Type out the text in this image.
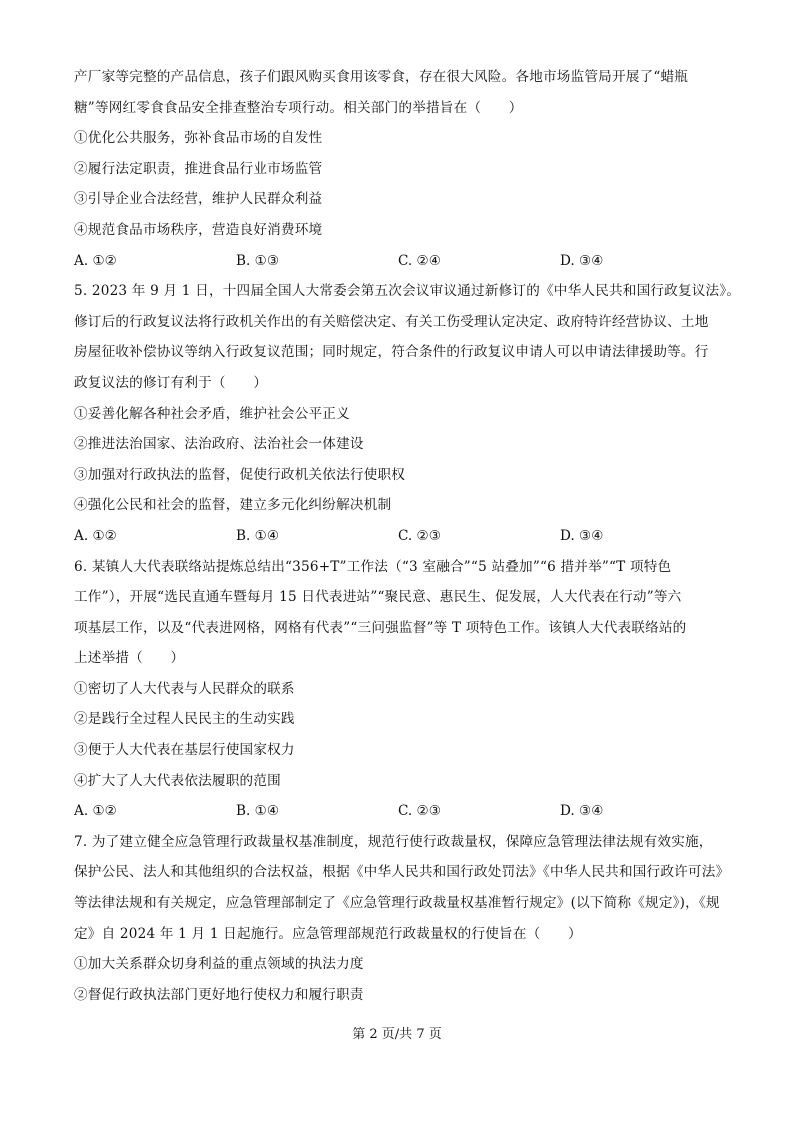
产厂家等完整的产品信息，孩子们跟风购买食用该零食，存在很大风险。各地市场监管局开展了“蜡瓶
糖”等网红零食食品安全排查整治专项行动。相关部门的举措旨在（　　）
①优化公共服务，弥补食品市场的自发性
②履行法定职责，推进食品行业市场监管
③引导企业合法经营，维护人民群众利益
④规范食品市场秩序，营造良好消费环境
A. ①②	B. ①③	C. ②④	D. ③④
5. 2023 年 9 月 1 日，十四届全国人大常委会第五次会议审议通过新修订的《中华人民共和国行政复议法》。
修订后的行政复议法将行政机关作出的有关赔偿决定、有关工伤受理认定决定、政府特许经营协议、土地
房屋征收补偿协议等纳入行政复议范围；同时规定，符合条件的行政复议申请人可以申请法律援助等。行
政复议法的修订有利于（　　）
①妥善化解各种社会矛盾，维护社会公平正义
②推进法治国家、法治政府、法治社会一体建设
③加强对行政执法的监督，促使行政机关依法行使职权
④强化公民和社会的监督，建立多元化纠纷解决机制
A. ①②	B. ①④	C. ②③	D. ③④
6. 某镇人大代表联络站提炼总结出“356+T”工作法（“3 室融合”“5 站叠加”“6 措并举”“T 项特色
工作”），开展“选民直通车暨每月 15 日代表进站”“聚民意、惠民生、促发展，人大代表在行动”等六
项基层工作，以及“代表进网格，网格有代表”“三问强监督”等 T 项特色工作。该镇人大代表联络站的
上述举措（　　）
①密切了人大代表与人民群众的联系
②是践行全过程人民民主的生动实践
③便于人大代表在基层行使国家权力
④扩大了人大代表依法履职的范围
A. ①②	B. ①④	C. ②③	D. ③④
7. 为了建立健全应急管理行政裁量权基准制度，规范行使行政裁量权，保障应急管理法律法规有效实施，
保护公民、法人和其他组织的合法权益，根据《中华人民共和国行政处罚法》《中华人民共和国行政许可法》
等法律法规和有关规定，应急管理部制定了《应急管理行政裁量权基准暂行规定》(以下简称《规定》)，《规
定》自 2024 年 1 月 1 日起施行。应急管理部规范行政裁量权的行使旨在（　　）
①加大关系群众切身利益的重点领域的执法力度
②督促行政执法部门更好地行使权力和履行职责
第 2 页/共 7 页
